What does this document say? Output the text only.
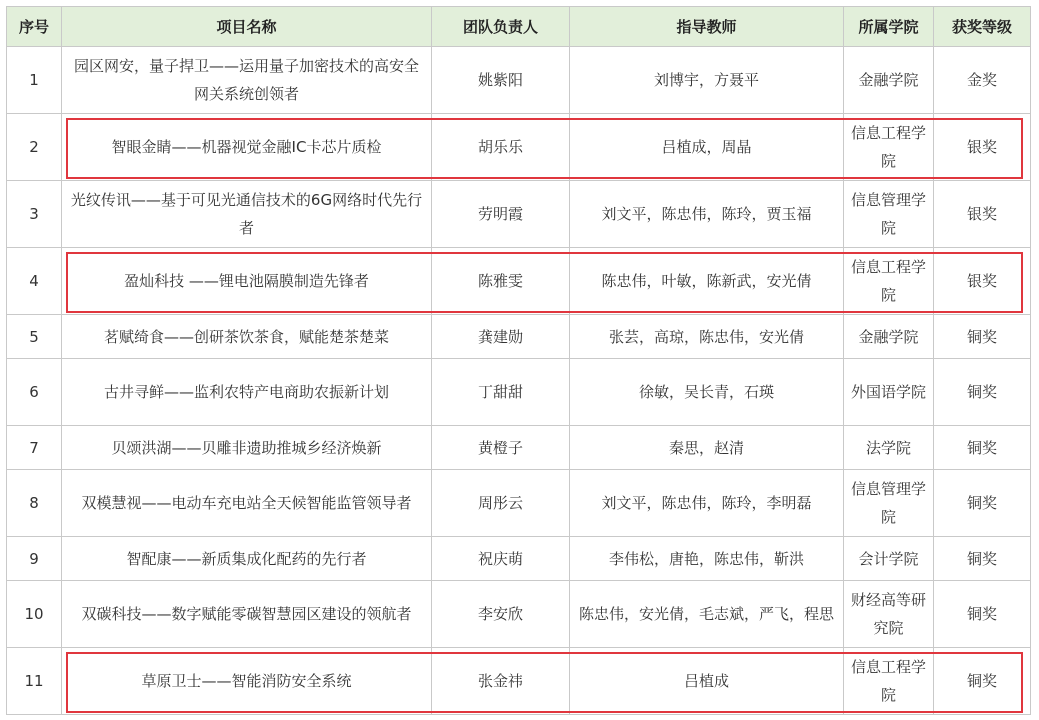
序号	项目名称	团队负责人	指导教师	所属学院	获奖等级
1	园区网安，量子捍卫——运用量子加密技术的高安全网关系统创领者	姚紫阳	刘博宇，方聂平	金融学院	金奖
2	智眼金睛——机器视觉金融IC卡芯片质检	胡乐乐	吕植成，周晶	信息工程学院	银奖
3	光纹传讯——基于可见光通信技术的6G网络时代先行者	劳明霞	刘文平，陈忠伟，陈玲，贾玉福	信息管理学院	银奖
4	盈灿科技 ——锂电池隔膜制造先锋者	陈雅雯	陈忠伟，叶敏，陈新武，安光倩	信息工程学院	银奖
5	茗赋绮食——创研茶饮茶食，赋能楚茶楚菜	龚建勋	张芸，高琼，陈忠伟，安光倩	金融学院	铜奖
6	古井寻鲜——监利农特产电商助农振新计划	丁甜甜	徐敏，吴长青，石瑛	外国语学院	铜奖
7	贝颂洪湖——贝雕非遗助推城乡经济焕新	黄橙子	秦思，赵清	法学院	铜奖
8	双模慧视——电动车充电站全天候智能监管领导者	周彤云	刘文平，陈忠伟，陈玲，李明磊	信息管理学院	铜奖
9	智配康——新质集成化配药的先行者	祝庆萌	李伟松，唐艳，陈忠伟，靳洪	会计学院	铜奖
10	双碳科技——数字赋能零碳智慧园区建设的领航者	李安欣	陈忠伟，安光倩，毛志斌，严飞，程思	财经高等研究院	铜奖
11	草原卫士——智能消防安全系统	张金祎	吕植成	信息工程学院	铜奖
